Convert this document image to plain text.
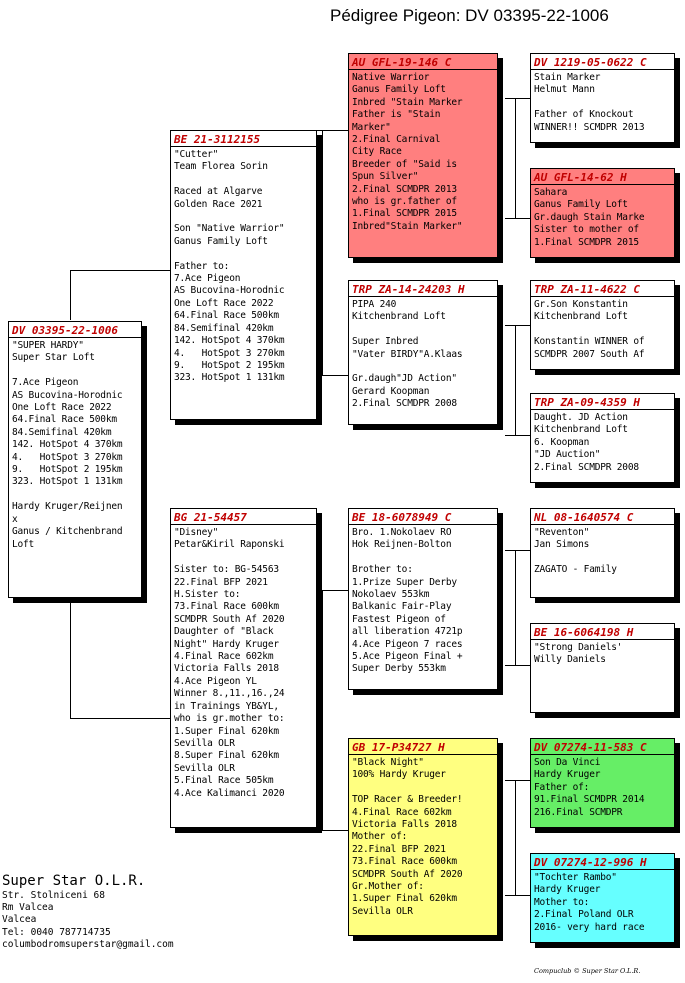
Pédigree Pigeon: DV 03395-22-1006
DV 03395-22-1006
"SUPER HARDY"
Super Star Loft

7.Ace Pigeon
AS Bucovina-Horodnic
One Loft Race 2022
64.Final Race 500km
84.Semifinal 420km
142. HotSpot 4 370km
4.   HotSpot 3 270km
9.   HotSpot 2 195km
323. HotSpot 1 131km

Hardy Kruger/Reijnen
x
Ganus / Kitchenbrand
Loft
BE 21-3112155
"Cutter"
Team Florea Sorin

Raced at Algarve
Golden Race 2021

Son "Native Warrior"
Ganus Family Loft

Father to:
7.Ace Pigeon
AS Bucovina-Horodnic
One Loft Race 2022
64.Final Race 500km
84.Semifinal 420km
142. HotSpot 4 370km
4.   HotSpot 3 270km
9.   HotSpot 2 195km
323. HotSpot 1 131km
BG 21-54457
"Disney"
Petar&Kiril Raponski

Sister to: BG-54563
22.Final BFP 2021
H.Sister to:
73.Final Race 600km
SCMDPR South Af 2020
Daughter of "Black
Night" Hardy Kruger
4.Final Race 602km
Victoria Falls 2018
4.Ace Pigeon YL
Winner 8.,11.,16.,24
in Trainings YB&YL,
who is gr.mother to:
1.Super Final 620km
Sevilla OLR
8.Super Final 620km
Sevilla OLR
5.Final Race 505km
4.Ace Kalimanci 2020
AU GFL-19-146 C
Native Warrior
Ganus Family Loft
Inbred "Stain Marker
Father is "Stain
Marker"
2.Final Carnival
City Race
Breeder of "Said is
Spun Silver"
2.Final SCMDPR 2013
who is gr.father of
1.Final SCMDPR 2015
Inbred"Stain Marker"
TRP ZA-14-24203 H
PIPA 240
Kitchenbrand Loft

Super Inbred
"Vater BIRDY"A.Klaas

Gr.daugh"JD Action"
Gerard Koopman
2.Final SCMDPR 2008
BE 18-6078949 C
Bro. 1.Nokolaev RO
Hok Reijnen-Bolton

Brother to:
1.Prize Super Derby
Nokolaev 553km
Balkanic Fair-Play
Fastest Pigeon of
all liberation 4721p
4.Ace Pigeon 7 races
5.Ace Pigeon Final +
Super Derby 553km
GB 17-P34727 H
"Black Night"
100% Hardy Kruger

TOP Racer & Breeder!
4.Final Race 602km
Victoria Falls 2018
Mother of:
22.Final BFP 2021
73.Final Race 600km
SCMDPR South Af 2020
Gr.Mother of:
1.Super Final 620km
Sevilla OLR
DV 1219-05-0622 C
Stain Marker
Helmut Mann

Father of Knockout
WINNER!! SCMDPR 2013
AU GFL-14-62 H
Sahara
Ganus Family Loft
Gr.daugh Stain Marke
Sister to mother of
1.Final SCMDPR 2015
TRP ZA-11-4622 C
Gr.Son Konstantin
Kitchenbrand Loft

Konstantin WINNER of
SCMDPR 2007 South Af
TRP ZA-09-4359 H
Daught. JD Action
Kitchenbrand Loft
6. Koopman
"JD Auction"
2.Final SCMDPR 2008
NL 08-1640574 C
"Reventon"
Jan Simons

ZAGATO - Family
BE 16-6064198 H
"Strong Daniels'
Willy Daniels
DV 07274-11-583 C
Son Da Vinci
Hardy Kruger
Father of:
91.Final SCMDPR 2014
216.Final SCMDPR
DV 07274-12-996 H
"Tochter Rambo"
Hardy Kruger
Mother to:
2.Final Poland OLR
2016- very hard race
Super Star O.L.R.
Str. Stolniceni 68
Rm Valcea
Valcea
Tel: 0040 787714735
columbodromsuperstar@gmail.com
Compuclub © Super Star O.L.R.
